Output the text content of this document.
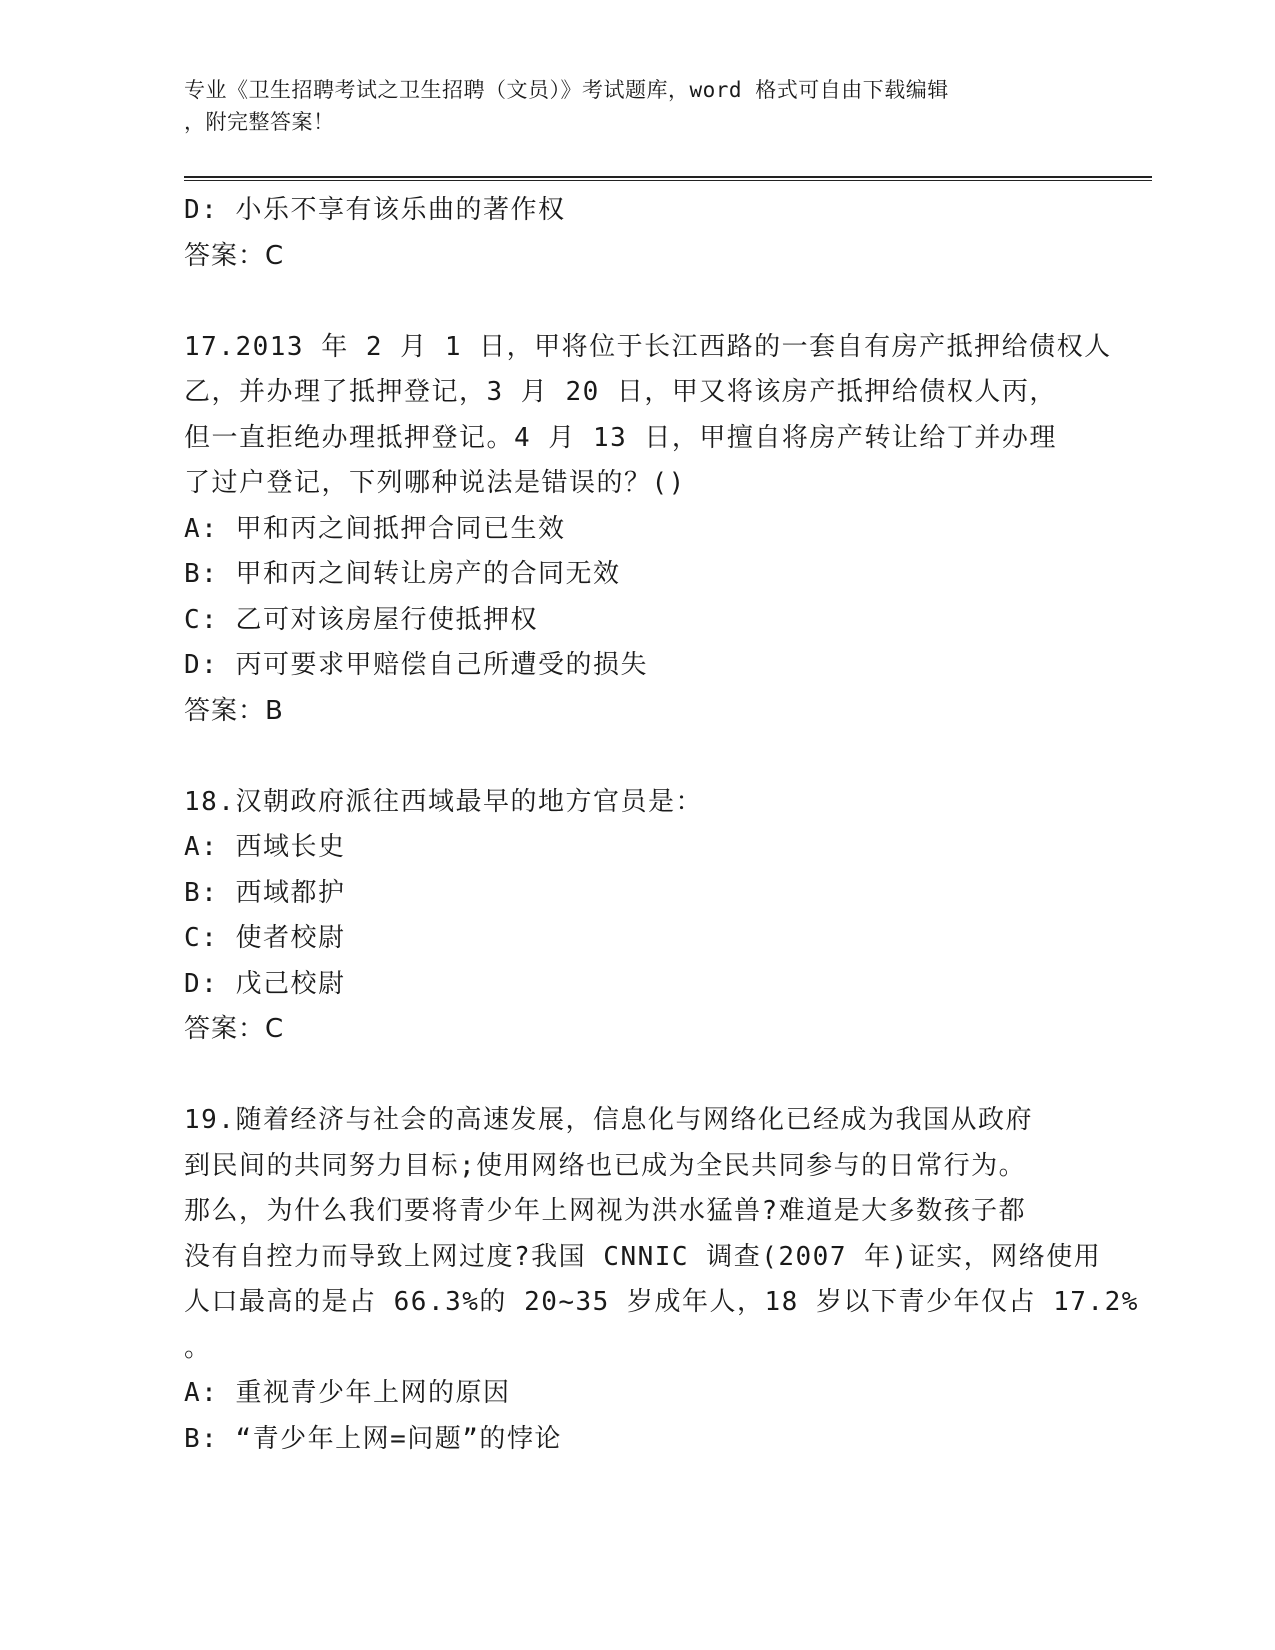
专业《卫生招聘考试之卫生招聘（文员）》考试题库，word 格式可自由下载编辑
，附完整答案！
D: 小乐不享有该乐曲的著作权
答案：C
17.2013 年 2 月 1 日，甲将位于长江西路的一套自有房产抵押给债权人
乙，并办理了抵押登记，3 月 20 日，甲又将该房产抵押给债权人丙，
但一直拒绝办理抵押登记。4 月 13 日，甲擅自将房产转让给丁并办理
了过户登记，下列哪种说法是错误的？()
A: 甲和丙之间抵押合同已生效
B: 甲和丙之间转让房产的合同无效
C: 乙可对该房屋行使抵押权
D: 丙可要求甲赔偿自己所遭受的损失
答案：B
18.汉朝政府派往西域最早的地方官员是：
A: 西域长史
B: 西域都护
C: 使者校尉
D: 戊己校尉
答案：C
19.随着经济与社会的高速发展，信息化与网络化已经成为我国从政府
到民间的共同努力目标;使用网络也已成为全民共同参与的日常行为。
那么，为什么我们要将青少年上网视为洪水猛兽?难道是大多数孩子都
没有自控力而导致上网过度?我国 CNNIC 调查(2007 年)证实，网络使用
人口最高的是占 66.3%的 20~35 岁成年人，18 岁以下青少年仅占 17.2%
。
A: 重视青少年上网的原因
B: “青少年上网=问题”的悖论
